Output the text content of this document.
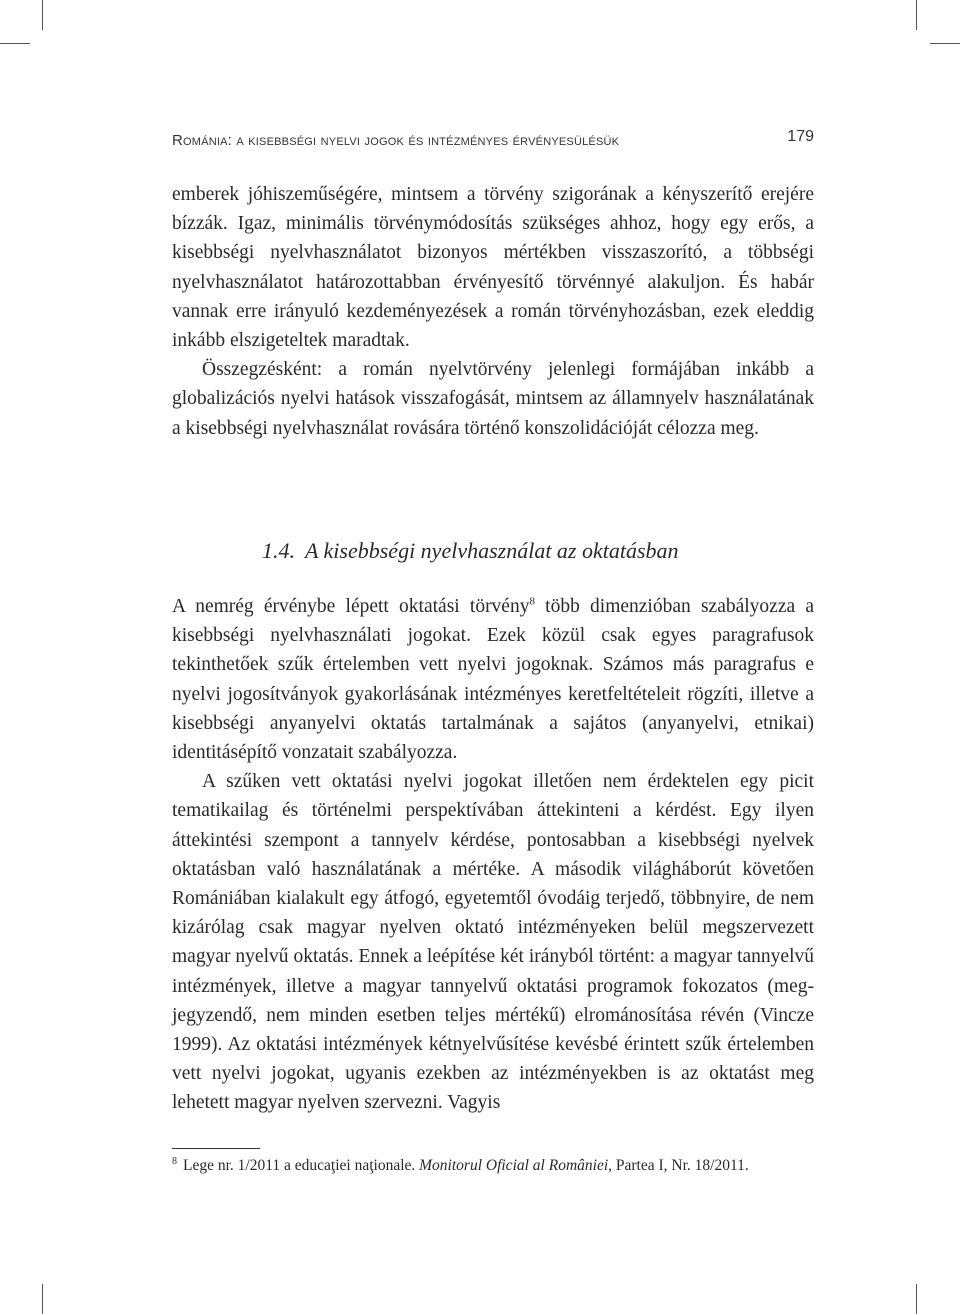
Románia: a kisebbségi nyelvi jogok és intézményes érvényesülésük	179

emberek jóhiszeműségére, mintsem a törvény szigorának a kényszerítő erejére bízzák. Igaz, minimális törvénymódosítás szükséges ahhoz, hogy egy erős, a kisebbségi nyelvhasználatot bizonyos mértékben visszaszorító, a többségi nyelvhasználatot határozottabban érvényesítő törvénnyé alakuljon. És habár vannak erre irányuló kezdeményezések a román törvényhozásban, ezek eleddig inkább elszigeteltek maradtak.

Összegzésként: a román nyelvtörvény jelenlegi formájában inkább a globalizációs nyelvi hatások visszafogását, mintsem az államnyelv használatának a kisebbségi nyelvhasználat rovására történő konszolidációját célozza meg.

1.4. A kisebbségi nyelvhasználat az oktatásban

A nemrég érvénybe lépett oktatási törvény$^8$ több dimenzióban szabályozza a kisebbségi nyelvhasználati jogokat. Ezek közül csak egyes paragrafusok tekinthetőek szűk értelemben vett nyelvi jogoknak. Számos más paragrafus e nyelvi jogosítványok gyakorlásának intézményes keretfeltételeit rögzíti, illetve a kisebbségi anyanyelvi oktatás tartalmának a sajátos (anyanyelvi, etnikai) identitásépítő vonzatait szabályozza.

A szűken vett oktatási nyelvi jogokat illetően nem érdektelen egy picit tematikailag és történelmi perspektívában áttekinteni a kérdést. Egy ilyen áttekintési szempont a tannyelv kérdése, pontosabban a kisebbségi nyelvek oktatásban való használatának a mértéke. A második világháborút követően Romániában kialakult egy átfogó, egyetemtől óvodáig terjedő, többnyire, de nem kizárólag csak magyar nyelven oktató intézményeken belül megszervezett magyar nyelvű oktatás. Ennek a leépítése két irányból történt: a magyar tannyelvű intézmények, illetve a magyar tannyelvű oktatási programok fokozatos (megjegyzendő, nem minden esetben teljes mértékű) elrománosítása révén (Vincze 1999). Az oktatási intézmények kétnyelvűsítése kevésbé érintett szűk értelemben vett nyelvi jogokat, ugyanis ezekben az intézményekben is az oktatást meg lehetett magyar nyelven szervezni. Vagyis

$^8$ Lege nr. 1/2011 a educaţiei naţionale. Monitorul Oficial al României, Partea I, Nr. 18/2011.
